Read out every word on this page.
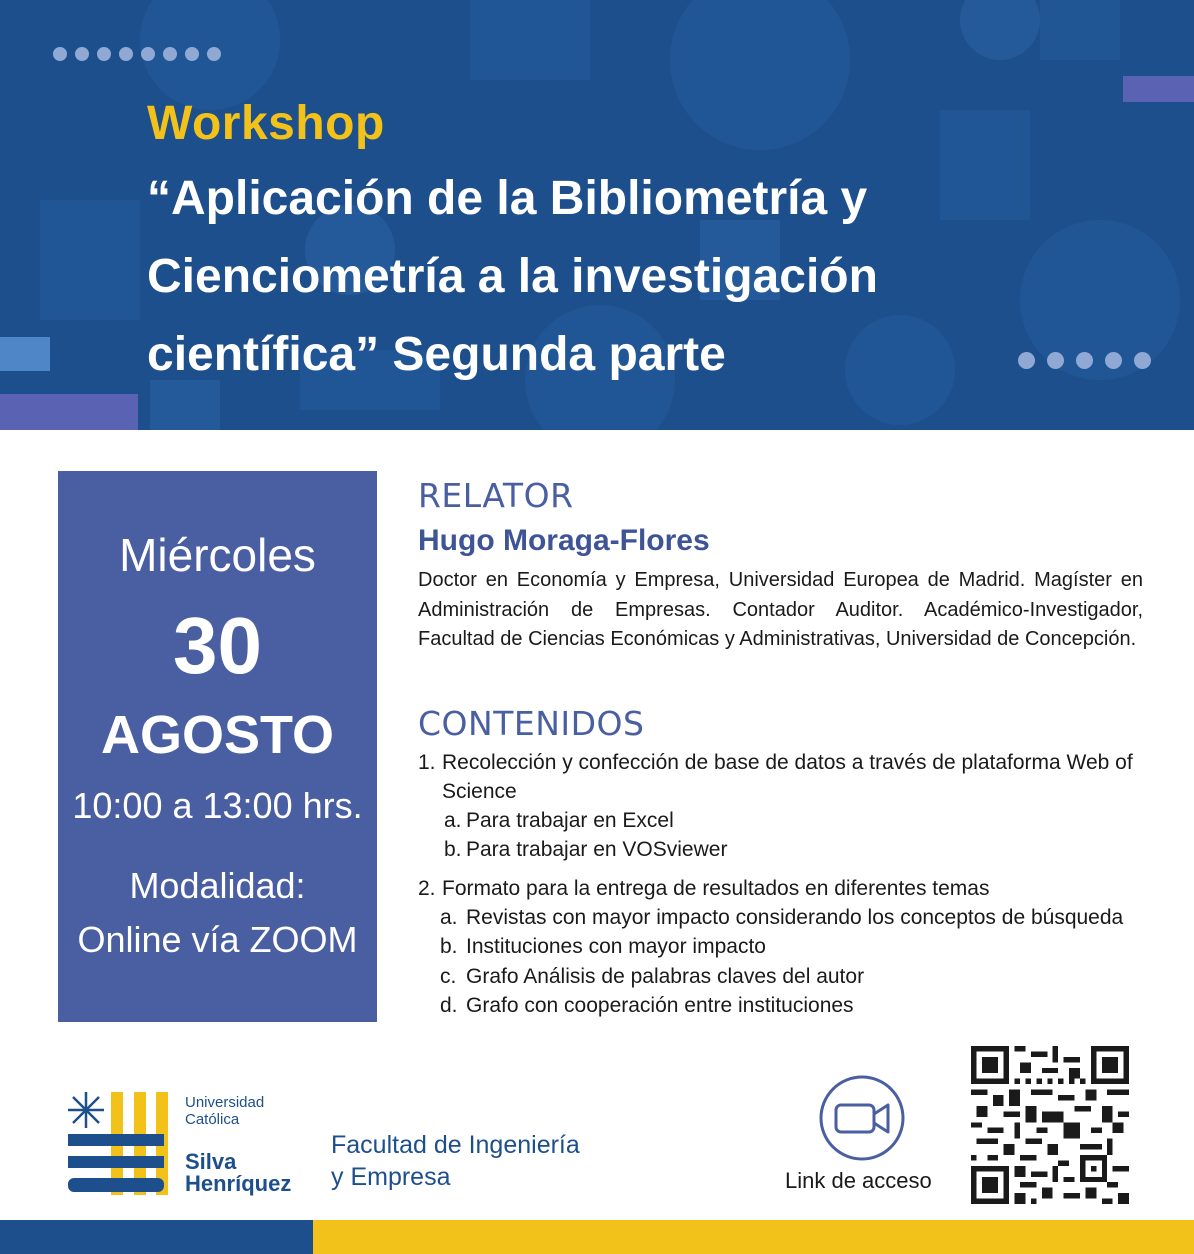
Workshop

“Aplicación de la Bibliometría y

Cienciometría a la investigación

científica” Segunda parte

Miércoles

30

AGOSTO

10:00 a 13:00 hrs.

Modalidad:

Online vía ZOOM

RELATOR

Hugo Moraga-Flores

Doctor en Economía y Empresa, Universidad Europea de Madrid. Magíster en Administración de Empresas. Contador Auditor. Académico-Investigador, Facultad de Ciencias Económicas y Administrativas, Universidad de Concepción.

CONTENIDOS

1. Recolección y confección de base de datos a través de plataforma Web of

Science

a. Para trabajar en Excel

b. Para trabajar en VOSviewer

2. Formato para la entrega de resultados en diferentes temas

a. Revistas con mayor impacto considerando los conceptos de búsqueda

b. Instituciones con mayor impacto

c. Grafo Análisis de palabras claves del autor

d. Grafo con cooperación entre instituciones

Universidad

Católica

Silva

Henríquez

Facultad de Ingeniería

y Empresa	Link de acceso
